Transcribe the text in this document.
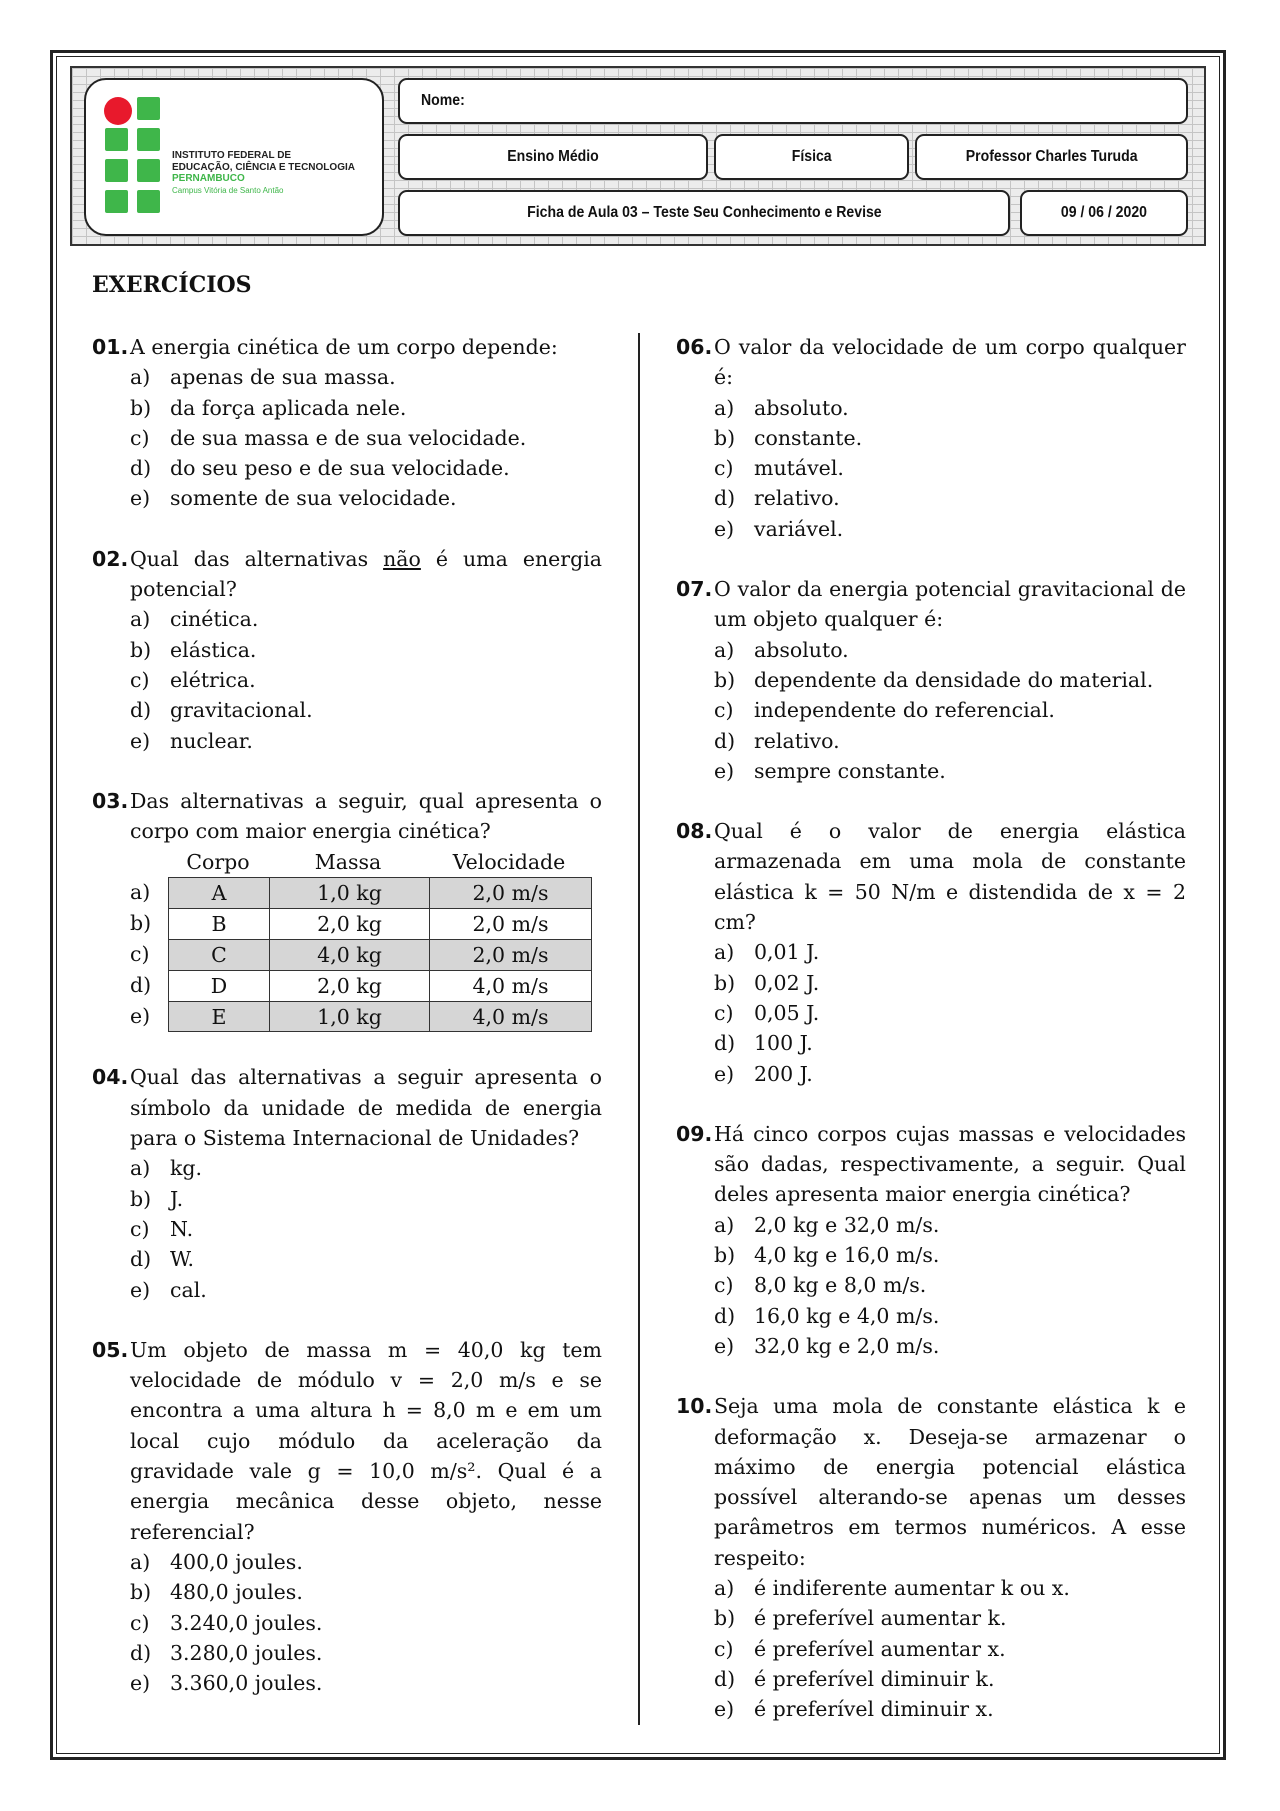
INSTITUTO FEDERAL DE
EDUCAÇÃO, CIÊNCIA E TECNOLOGIA
PERNAMBUCO
Campus Vitória de Santo Antão
Nome:
Ensino Médio	Física	Professor Charles Turuda
Ficha de Aula 03 – Teste Seu Conhecimento e Revise	09 / 06 / 2020
EXERCÍCIOS
01. A energia cinética de um corpo depende:
a) apenas de sua massa.
b) da força aplicada nele.
c)	de sua massa e de sua velocidade.
d) do seu peso e de sua velocidade.
e) somente de sua velocidade.
02. Qual das alternativas não é uma energia potencial?
a) cinética.
b) elástica.
c)	elétrica.
d) gravitacional.
e) nuclear.
03. Das alternativas a seguir, qual apresenta o corpo com maior energia cinética?
Corpo	Massa	Velocidade
a)	A	1,0 kg	2,0 m/s
b)	B	2,0 kg	2,0 m/s
c)	C	4,0 kg	2,0 m/s
d)	D	2,0 kg	4,0 m/s
e)	E	1,0 kg	4,0 m/s
04. Qual das alternativas a seguir apresenta o símbolo da unidade de medida de energia para o Sistema Internacional de Unidades?
a) kg.
b) J.
c)	N.
d) W.
e) cal.
05. Um objeto de massa m = 40,0 kg tem velocidade de módulo v = 2,0 m/s e se encontra a uma altura h = 8,0 m e em um local cujo módulo da aceleração da gravidade vale g = 10,0 m/s². Qual é a energia mecânica desse objeto, nesse referencial?
a) 400,0 joules.
b) 480,0 joules.
c)	3.240,0 joules.
d) 3.280,0 joules.
e) 3.360,0 joules.
06. O valor da velocidade de um corpo qualquer é:
a) absoluto.
b) constante.
c)	mutável.
d) relativo.
e) variável.
07. O valor da energia potencial gravitacional de um objeto qualquer é:
a) absoluto.
b) dependente da densidade do material.
c)	independente do referencial.
d) relativo.
e) sempre constante.
08. Qual é o valor de energia elástica armazenada em uma mola de constante elástica k = 50 N/m e distendida de x = 2 cm?
a) 0,01 J.
b) 0,02 J.
c)	0,05 J.
d) 100 J.
e) 200 J.
09. Há cinco corpos cujas massas e velocidades são dadas, respectivamente, a seguir. Qual deles apresenta maior energia cinética?
a) 2,0 kg e 32,0 m/s.
b) 4,0 kg e 16,0 m/s.
c)	8,0 kg e 8,0 m/s.
d) 16,0 kg e 4,0 m/s.
e) 32,0 kg e 2,0 m/s.
10. Seja uma mola de constante elástica k e deformação x. Deseja-se armazenar o máximo de energia potencial elástica possível alterando-se apenas um desses parâmetros em termos numéricos. A esse respeito:
a) é indiferente aumentar k ou x.
b) é preferível aumentar k.
c)	é preferível aumentar x.
d) é preferível diminuir k.
e) é preferível diminuir x.
